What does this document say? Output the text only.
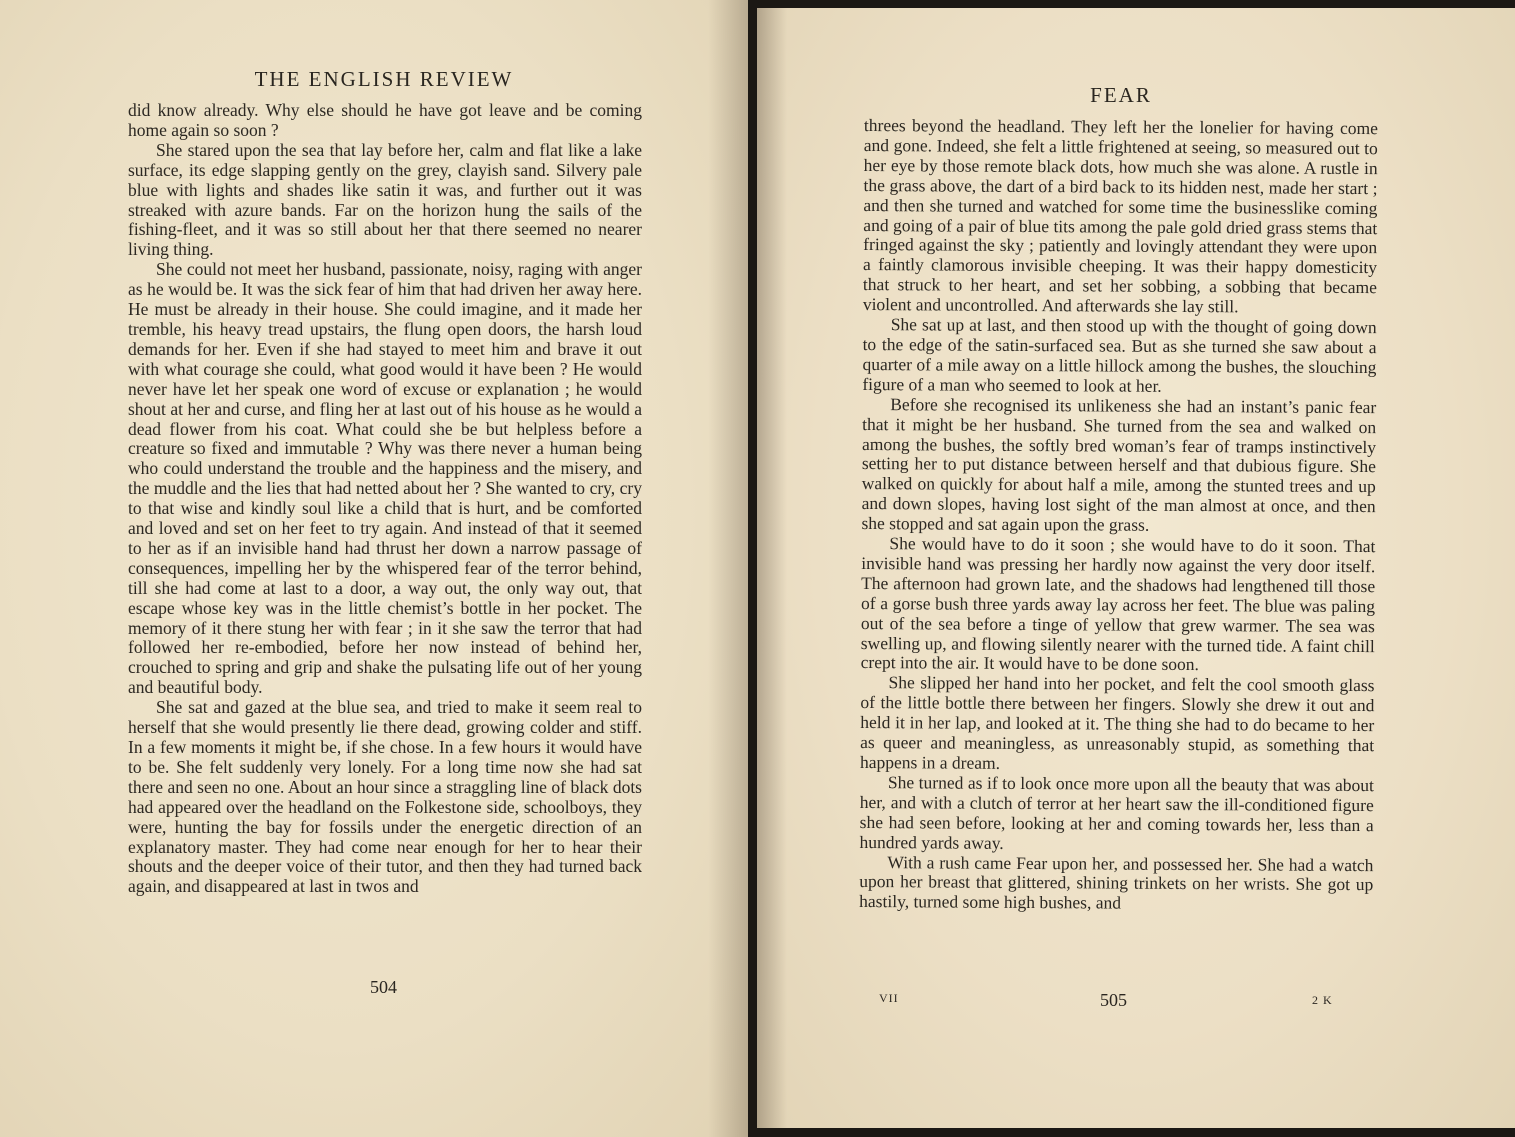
THE ENGLISH REVIEW

did know already. Why else should he have got leave and be coming home again so soon ?

She stared upon the sea that lay before her, calm and flat like a lake surface, its edge slapping gently on the grey, clayish sand. Silvery pale blue with lights and shades like satin it was, and further out it was streaked with azure bands. Far on the horizon hung the sails of the fishing-fleet, and it was so still about her that there seemed no nearer living thing.

She could not meet her husband, passionate, noisy, raging with anger as he would be. It was the sick fear of him that had driven her away here. He must be already in their house. She could imagine, and it made her tremble, his heavy tread upstairs, the flung open doors, the harsh loud demands for her. Even if she had stayed to meet him and brave it out with what courage she could, what good would it have been ? He would never have let her speak one word of excuse or explanation ; he would shout at her and curse, and fling her at last out of his house as he would a dead flower from his coat. What could she be but helpless before a creature so fixed and immutable ? Why was there never a human being who could understand the trouble and the happiness and the misery, and the muddle and the lies that had netted about her ? She wanted to cry, cry to that wise and kindly soul like a child that is hurt, and be comforted and loved and set on her feet to try again. And instead of that it seemed to her as if an invisible hand had thrust her down a narrow passage of consequences, impelling her by the whispered fear of the terror behind, till she had come at last to a door, a way out, the only way out, that escape whose key was in the little chemist’s bottle in her pocket. The memory of it there stung her with fear ; in it she saw the terror that had followed her re-embodied, before her now instead of behind her, crouched to spring and grip and shake the pulsating life out of her young and beautiful body.

She sat and gazed at the blue sea, and tried to make it seem real to herself that she would presently lie there dead, growing colder and stiff. In a few moments it might be, if she chose. In a few hours it would have to be. She felt suddenly very lonely. For a long time now she had sat there and seen no one. About an hour since a straggling line of black dots had appeared over the headland on the Folkestone side, schoolboys, they were, hunting the bay for fossils under the energetic direction of an explanatory master. They had come near enough for her to hear their shouts and the deeper voice of their tutor, and then they had turned back again, and disappeared at last in twos and

504
FEAR

threes beyond the headland. They left her the lonelier for having come and gone. Indeed, she felt a little frightened at seeing, so measured out to her eye by those remote black dots, how much she was alone. A rustle in the grass above, the dart of a bird back to its hidden nest, made her start ; and then she turned and watched for some time the businesslike coming and going of a pair of blue tits among the pale gold dried grass stems that fringed against the sky ; patiently and lovingly attendant they were upon a faintly clamorous invisible cheeping. It was their happy domesticity that struck to her heart, and set her sobbing, a sobbing that became violent and uncontrolled. And afterwards she lay still.

She sat up at last, and then stood up with the thought of going down to the edge of the satin-surfaced sea. But as she turned she saw about a quarter of a mile away on a little hillock among the bushes, the slouching figure of a man who seemed to look at her.

Before she recognised its unlikeness she had an instant’s panic fear that it might be her husband. She turned from the sea and walked on among the bushes, the softly bred woman’s fear of tramps instinctively setting her to put distance between herself and that dubious figure. She walked on quickly for about half a mile, among the stunted trees and up and down slopes, having lost sight of the man almost at once, and then she stopped and sat again upon the grass.

She would have to do it soon ; she would have to do it soon. That invisible hand was pressing her hardly now against the very door itself. The afternoon had grown late, and the shadows had lengthened till those of a gorse bush three yards away lay across her feet. The blue was paling out of the sea before a tinge of yellow that grew warmer. The sea was swelling up, and flowing silently nearer with the turned tide. A faint chill crept into the air. It would have to be done soon.

She slipped her hand into her pocket, and felt the cool smooth glass of the little bottle there between her fingers. Slowly she drew it out and held it in her lap, and looked at it. The thing she had to do became to her as queer and meaningless, as unreasonably stupid, as something that happens in a dream.

She turned as if to look once more upon all the beauty that was about her, and with a clutch of terror at her heart saw the ill-conditioned figure she had seen before, looking at her and coming towards her, less than a hundred yards away.

With a rush came Fear upon her, and possessed her. She had a watch upon her breast that glittered, shining trinkets on her wrists. She got up hastily, turned some high bushes, and

VII	505	2 K
